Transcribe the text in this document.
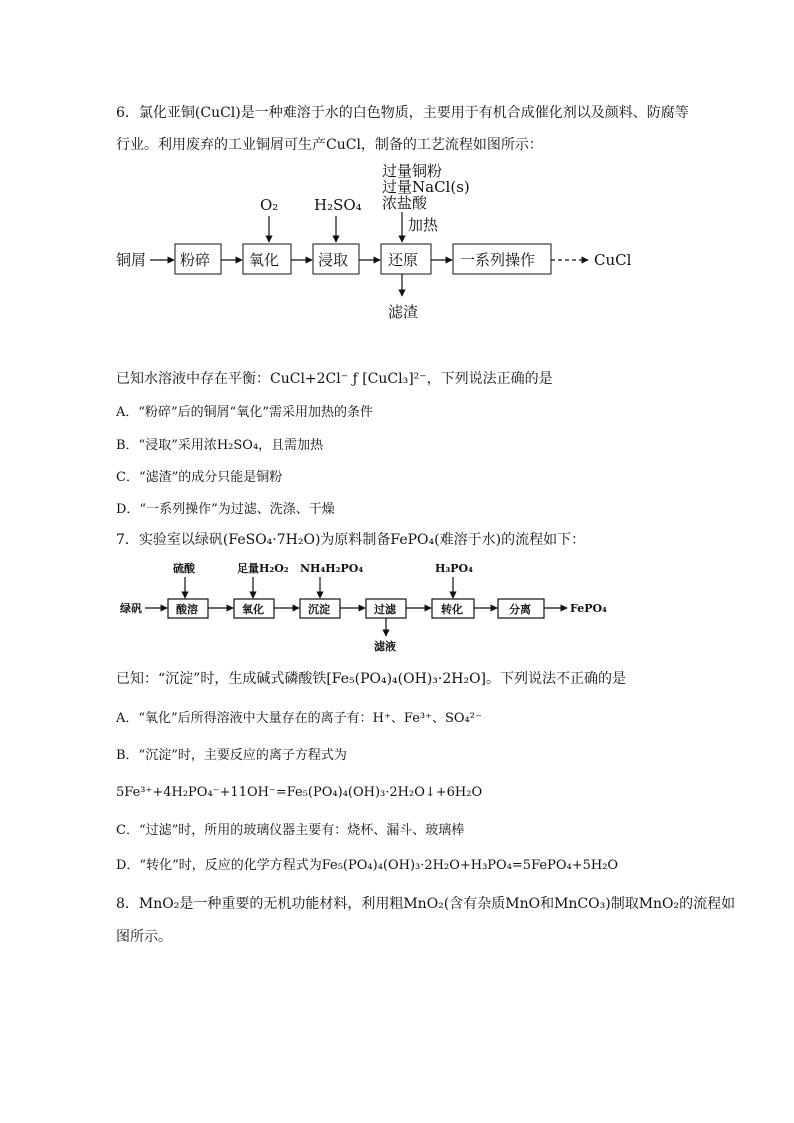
6．氯化亚铜(CuCl)是一种难溶于水的白色物质，主要用于有机合成催化剂以及颜料、防腐等
行业。利用废弃的工业铜屑可生产CuCl，制备的工艺流程如图所示：
O₂ H₂SO₄
过量铜粉
过量NaCl(s)
浓盐酸
加热
铜屑 粉碎	氧化	浸取	还原	一系列操作	CuCl
滤渣
已知水溶液中存在平衡：CuCl+2Cl⁻ ƒ [CuCl₃]²⁻，下列说法正确的是
A．“粉碎”后的铜屑“氧化”需采用加热的条件
B．“浸取”采用浓H₂SO₄，且需加热
C．“滤渣”的成分只能是铜粉
D．“一系列操作”为过滤、洗涤、干燥
7．实验室以绿矾(FeSO₄·7H₂O)为原料制备FePO₄(难溶于水)的流程如下：
硫酸	足量H₂O₂ NH₄H₂PO₄	H₃PO₄
绿矾	酸溶	氧化	沉淀	过滤	转化	分离	FePO₄
滤液
已知：“沉淀”时，生成碱式磷酸铁[Fe₅(PO₄)₄(OH)₃·2H₂O]。下列说法不正确的是
A．“氧化”后所得溶液中大量存在的离子有：H⁺、Fe³⁺、SO₄²⁻
B．“沉淀”时，主要反应的离子方程式为
5Fe³⁺+4H₂PO₄⁻+11OH⁻=Fe₅(PO₄)₄(OH)₃·2H₂O↓+6H₂O
C．“过滤”时，所用的玻璃仪器主要有：烧杯、漏斗、玻璃棒
D．“转化”时，反应的化学方程式为Fe₅(PO₄)₄(OH)₃·2H₂O+H₃PO₄=5FePO₄+5H₂O
8．MnO₂是一种重要的无机功能材料，利用粗MnO₂(含有杂质MnO和MnCO₃)制取MnO₂的流程如
图所示。
